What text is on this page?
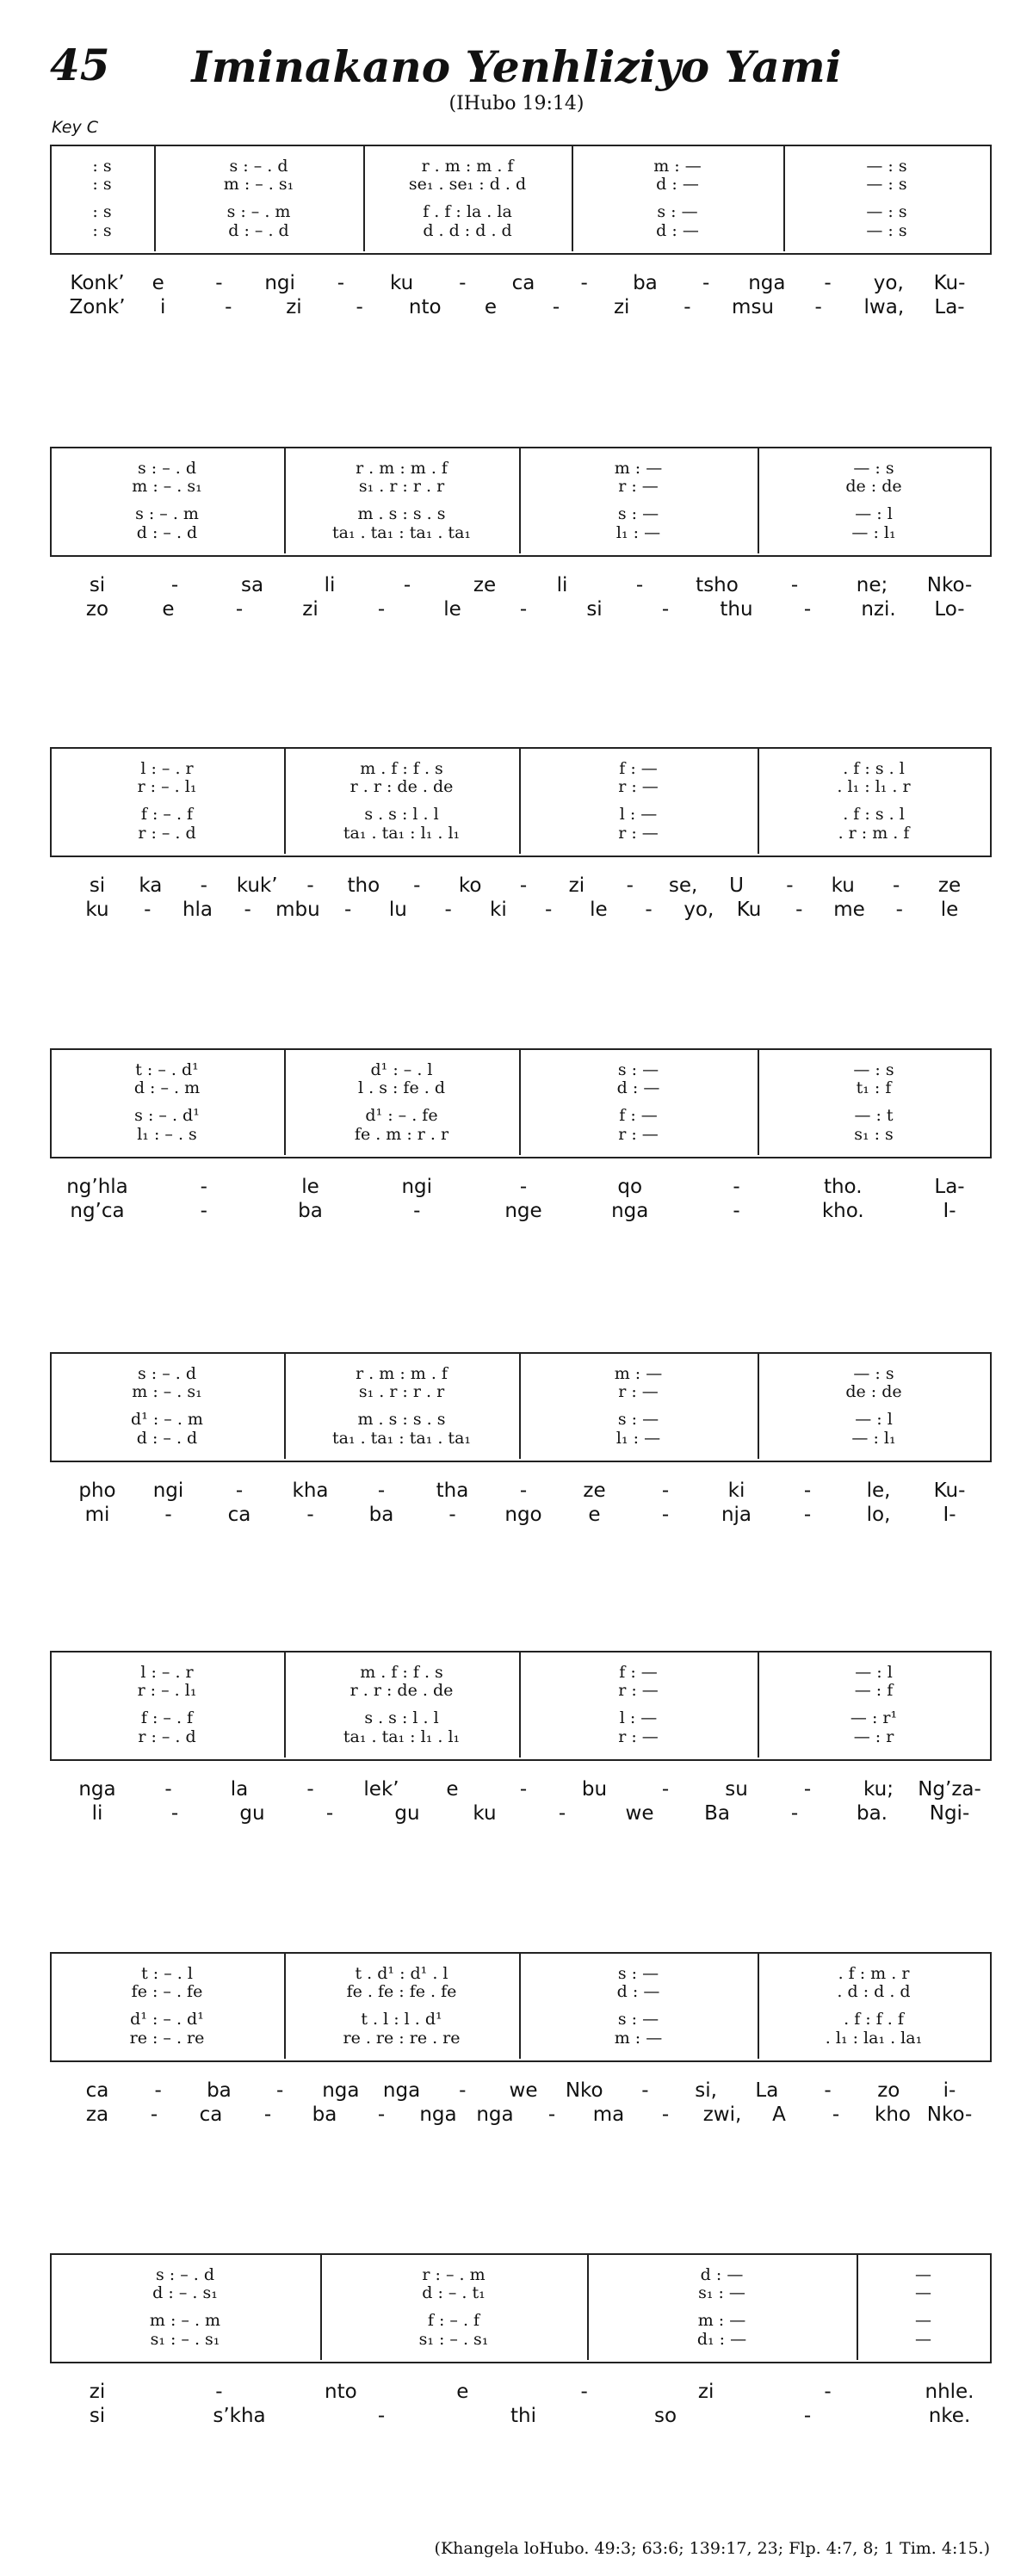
45	Iminakano Yenhliziyo Yami
(IHubo 19:14)
Key C
: s	s : – . d	r . m : m . f	m : —	— : s
: s	m : – . s₁	se₁ . se₁ : d . d	d : —	— : s
: s	s : – . m	f . f : la . la	s : —	— : s
: s	d : – . d	d . d : d . d	d : —	— : s
Konk’ e	- ngi - ku - ca - ba - nga - yo, Ku-
Zonk’ i	-	zi	- nto e	-	zi	- msu - lwa, La-
s : – . d	r . m : m . f	m : —	— : s
m : – . s₁	s₁ . r : r . r	r : —	de : de
s : – . m	m . s : s . s	s : —	— : l
d : – . d	ta₁ . ta₁ : ta₁ . ta₁	l₁ : —	— : l₁
si	-	sa	li	-	ze	li	-	tsho	-	ne; Nko-
zo	e	-	zi	-	le	-	si	-	thu	-	nzi. Lo-
l : – . r	m . f : f . s	f : —	. f : s . l
r : – . l₁	r . r : de . de	r : —	. l₁ : l₁ . r
f : – . f	s . s : l . l	l : —	. f : s . l
r : – . d	ta₁ . ta₁ : l₁ . l₁	r : —	. r : m . f
si ka - kuk’ - tho - ko - zi - se, U - ku - ze
ku - hla - mbu - lu - ki - le - yo, Ku - me - le
t : – . d¹	d¹ : – . l	s : —	— : s
d : – . m	l . s : fe . d	d : —	t₁ : f
s : – . d¹	d¹ : – . fe	f : —	— : t
l₁ : – . s	fe . m : r . r	r : —	s₁ : s
ng’hla	-	le	ngi	-	qo	-	tho.	La-
ng’ca	-	ba	-	nge	nga	-	kho.	I-
s : – . d	r . m : m . f	m : —	— : s
m : – . s₁	s₁ . r : r . r	r : —	de : de
d¹ : – . m	m . s : s . s	s : —	— : l
d : – . d	ta₁ . ta₁ : ta₁ . ta₁	l₁ : —	— : l₁
pho ngi	- kha -	tha	-	ze	-	ki	-	le, Ku-
mi	-	ca	-	ba	- ngo e	-	nja	-	lo,	I-
l : – . r	m . f : f . s	f : —	— : l
r : – . l₁	r . r : de . de	r : —	— : f
f : – . f	s . s : l . l	l : —	— : r¹
r : – . d	ta₁ . ta₁ : l₁ . l₁	r : —	— : r
nga -	la	-	lek’ e	-	bu	-	su	-	ku; Ng’za-
li	-	gu	-	gu	ku	-	we	Ba	-	ba. Ngi-
t : – . l	t . d¹ : d¹ . l	s : —	. f : m . r
fe : – . fe	fe . fe : fe . fe	d : —	. d : d . d
d¹ : – . d¹	t . l : l . d¹	s : —	. f : f . f
re : – . re	re . re : re . re	m : —	. l₁ : la₁ . la₁
ca - ba - nga nga - we Nko - si, La - zo i-
za - ca - ba - nga nga - ma - zwi, A - kho Nko-
s : – . d	r : – . m	d : —	—
d : – . s₁	d : – . t₁	s₁ : —	—
m : – . m	f : – . f	m : —	—
s₁ : – . s₁	s₁ : – . s₁	d₁ : —	—
zi	-	nto	e	-	zi	-	nhle.
si	s’kha	-	thi	so	-	nke.
(Khangela loHubo. 49:3; 63:6; 139:17, 23; Flp. 4:7, 8; 1 Tim. 4:15.)
